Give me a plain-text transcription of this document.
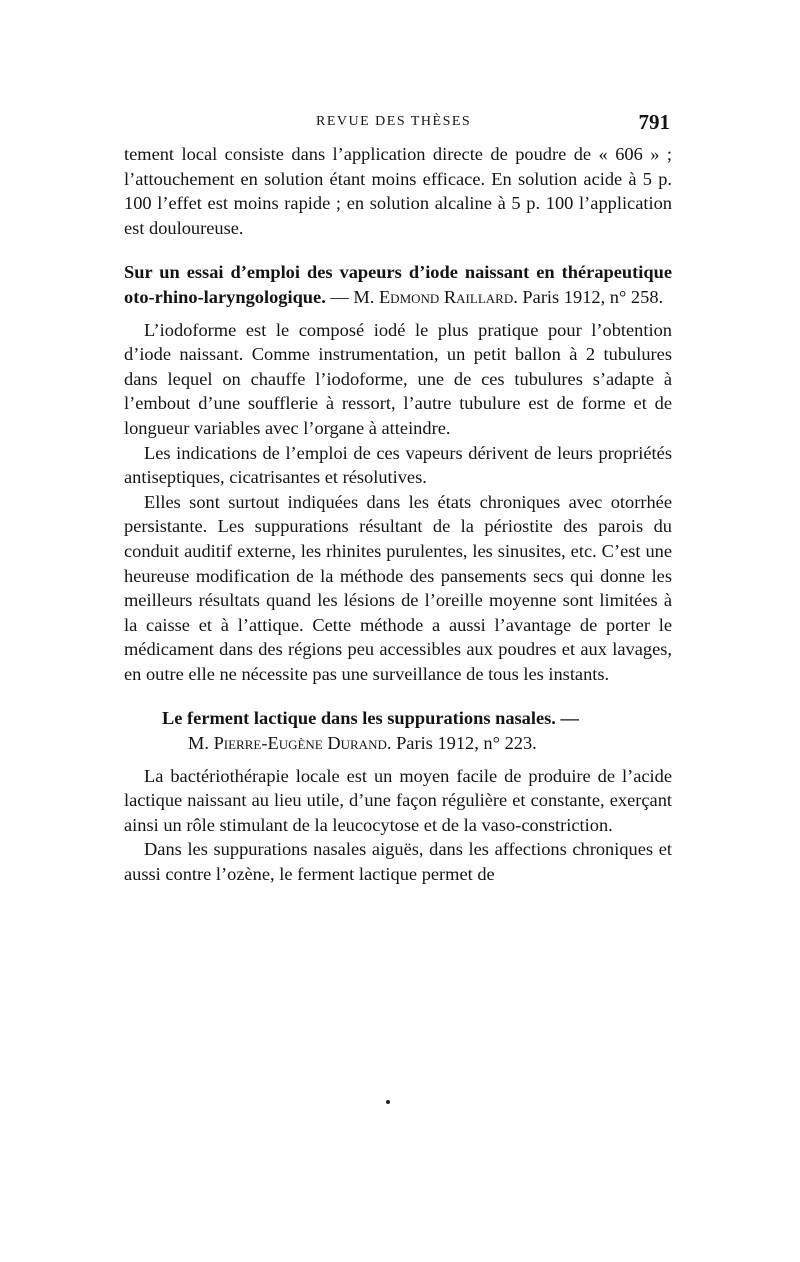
REVUE DES THÈSES	791

tement local consiste dans l’application directe de poudre de « 606 » ; l’attouchement en solution étant moins efficace. En solution acide à 5 p. 100 l’effet est moins rapide ; en solution alcaline à 5 p. 100 l’application est douloureuse.

Sur un essai d’emploi des vapeurs d’iode naissant en thérapeutique oto-rhino-laryngologique. — M. Edmond Raillard. Paris 1912, n° 258.

L’iodoforme est le composé iodé le plus pratique pour l’obtention d’iode naissant. Comme instrumentation, un petit ballon à 2 tubulures dans lequel on chauffe l’iodoforme, une de ces tubulures s’adapte à l’embout d’une soufflerie à ressort, l’autre tubulure est de forme et de longueur variables avec l’organe à atteindre.

Les indications de l’emploi de ces vapeurs dérivent de leurs propriétés antiseptiques, cicatrisantes et résolutives.

Elles sont surtout indiquées dans les états chroniques avec otorrhée persistante. Les suppurations résultant de la périostite des parois du conduit auditif externe, les rhinites purulentes, les sinusites, etc. C’est une heureuse modification de la méthode des pansements secs qui donne les meilleurs résultats quand les lésions de l’oreille moyenne sont limitées à la caisse et à l’attique. Cette méthode a aussi l’avantage de porter le médicament dans des régions peu accessibles aux poudres et aux lavages, en outre elle ne nécessite pas une surveillance de tous les instants.

Le ferment lactique dans les suppurations nasales. —
M. Pierre-Eugène Durand. Paris 1912, n° 223.

La bactériothérapie locale est un moyen facile de produire de l’acide lactique naissant au lieu utile, d’une façon régulière et constante, exerçant ainsi un rôle stimulant de la leucocytose et de la vaso-constriction.

Dans les suppurations nasales aiguës, dans les affections chroniques et aussi contre l’ozène, le ferment lactique permet de
